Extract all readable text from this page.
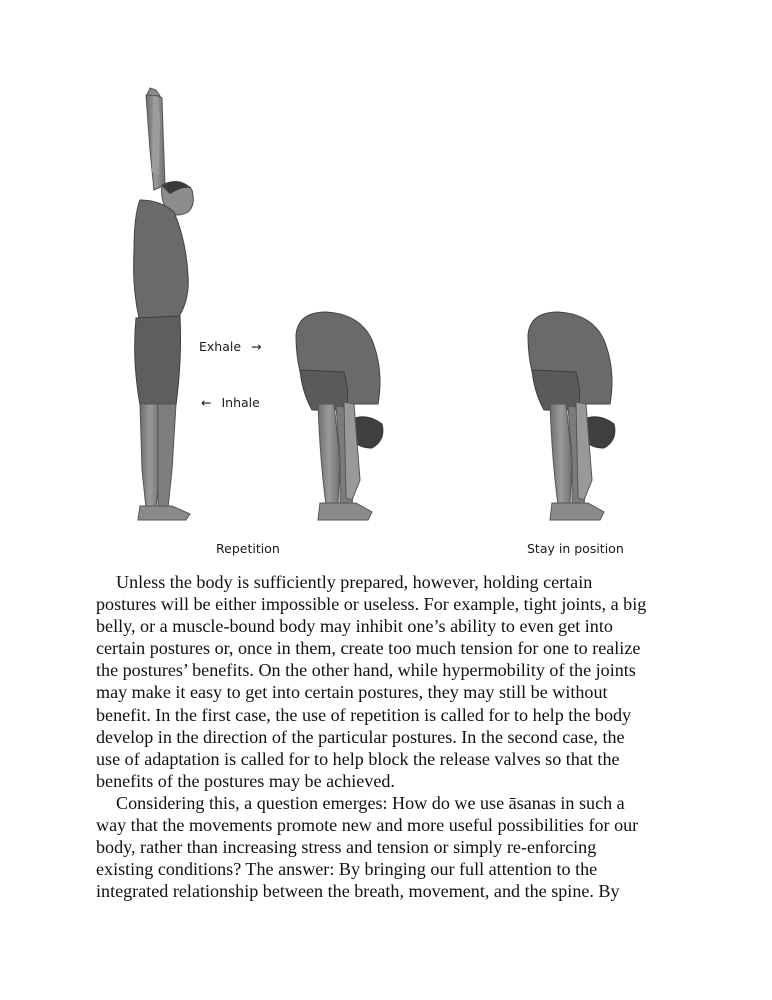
Exhale →
← Inhale
Repetition	Stay in position

Unless the body is sufficiently prepared, however, holding certain
postures will be either impossible or useless. For example, tight joints, a big
belly, or a muscle-bound body may inhibit one’s ability to even get into
certain postures or, once in them, create too much tension for one to realize
the postures’ benefits. On the other hand, while hypermobility of the joints
may make it easy to get into certain postures, they may still be without
benefit. In the first case, the use of repetition is called for to help the body
develop in the direction of the particular postures. In the second case, the
use of adaptation is called for to help block the release valves so that the
benefits of the postures may be achieved.

Considering this, a question emerges: How do we use āsanas in such a
way that the movements promote new and more useful possibilities for our
body, rather than increasing stress and tension or simply re-enforcing
existing conditions? The answer: By bringing our full attention to the
integrated relationship between the breath, movement, and the spine. By
